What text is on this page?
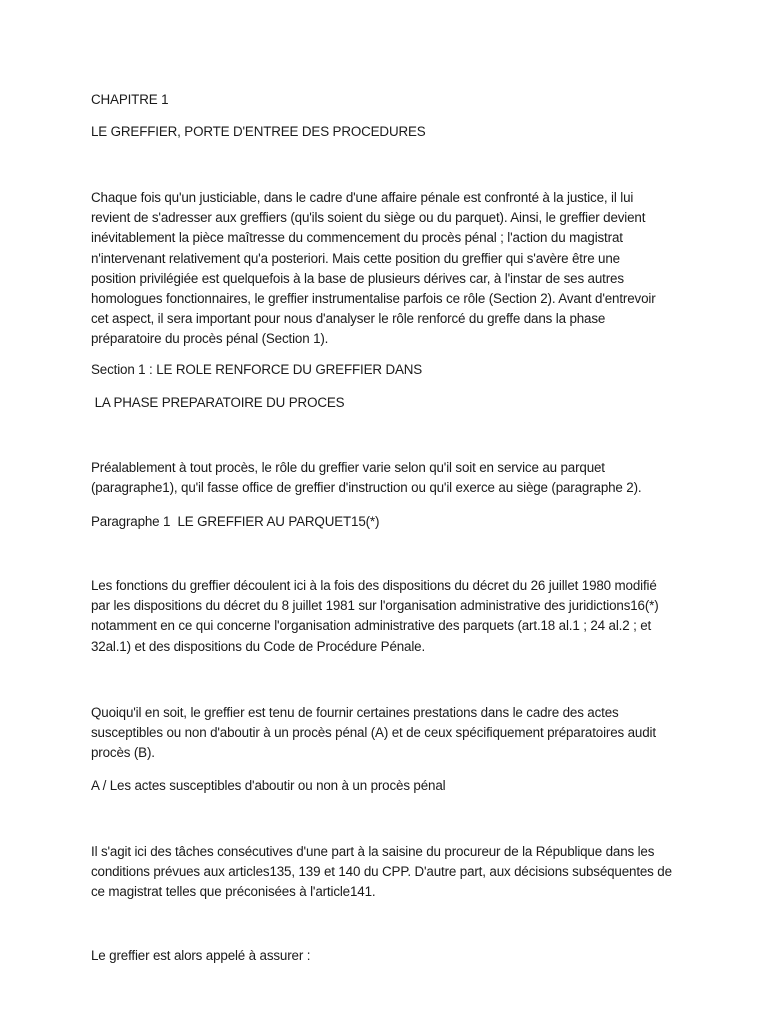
CHAPITRE 1
LE GREFFIER, PORTE D'ENTREE DES PROCEDURES
Chaque fois qu'un justiciable, dans le cadre d'une affaire pénale est confronté à la justice, il lui
revient de s'adresser aux greffiers (qu'ils soient du siège ou du parquet). Ainsi, le greffier devient
inévitablement la pièce maîtresse du commencement du procès pénal ; l'action du magistrat
n'intervenant relativement qu'a posteriori. Mais cette position du greffier qui s'avère être une
position privilégiée est quelquefois à la base de plusieurs dérives car, à l'instar de ses autres
homologues fonctionnaires, le greffier instrumentalise parfois ce rôle (Section 2). Avant d'entrevoir
cet aspect, il sera important pour nous d'analyser le rôle renforcé du greffe dans la phase
préparatoire du procès pénal (Section 1).
Section 1 : LE ROLE RENFORCE DU GREFFIER DANS
LA PHASE PREPARATOIRE DU PROCES
Préalablement à tout procès, le rôle du greffier varie selon qu'il soit en service au parquet
(paragraphe1), qu'il fasse office de greffier d'instruction ou qu'il exerce au siège (paragraphe 2).
Paragraphe 1  LE GREFFIER AU PARQUET15(*)
Les fonctions du greffier découlent ici à la fois des dispositions du décret du 26 juillet 1980 modifié
par les dispositions du décret du 8 juillet 1981 sur l'organisation administrative des juridictions16(*)
notamment en ce qui concerne l'organisation administrative des parquets (art.18 al.1 ; 24 al.2 ; et
32al.1) et des dispositions du Code de Procédure Pénale.
Quoiqu'il en soit, le greffier est tenu de fournir certaines prestations dans le cadre des actes
susceptibles ou non d'aboutir à un procès pénal (A) et de ceux spécifiquement préparatoires audit
procès (B).
A / Les actes susceptibles d'aboutir ou non à un procès pénal
Il s'agit ici des tâches consécutives d'une part à la saisine du procureur de la République dans les
conditions prévues aux articles135, 139 et 140 du CPP. D'autre part, aux décisions subséquentes de
ce magistrat telles que préconisées à l'article141.
Le greffier est alors appelé à assurer :
